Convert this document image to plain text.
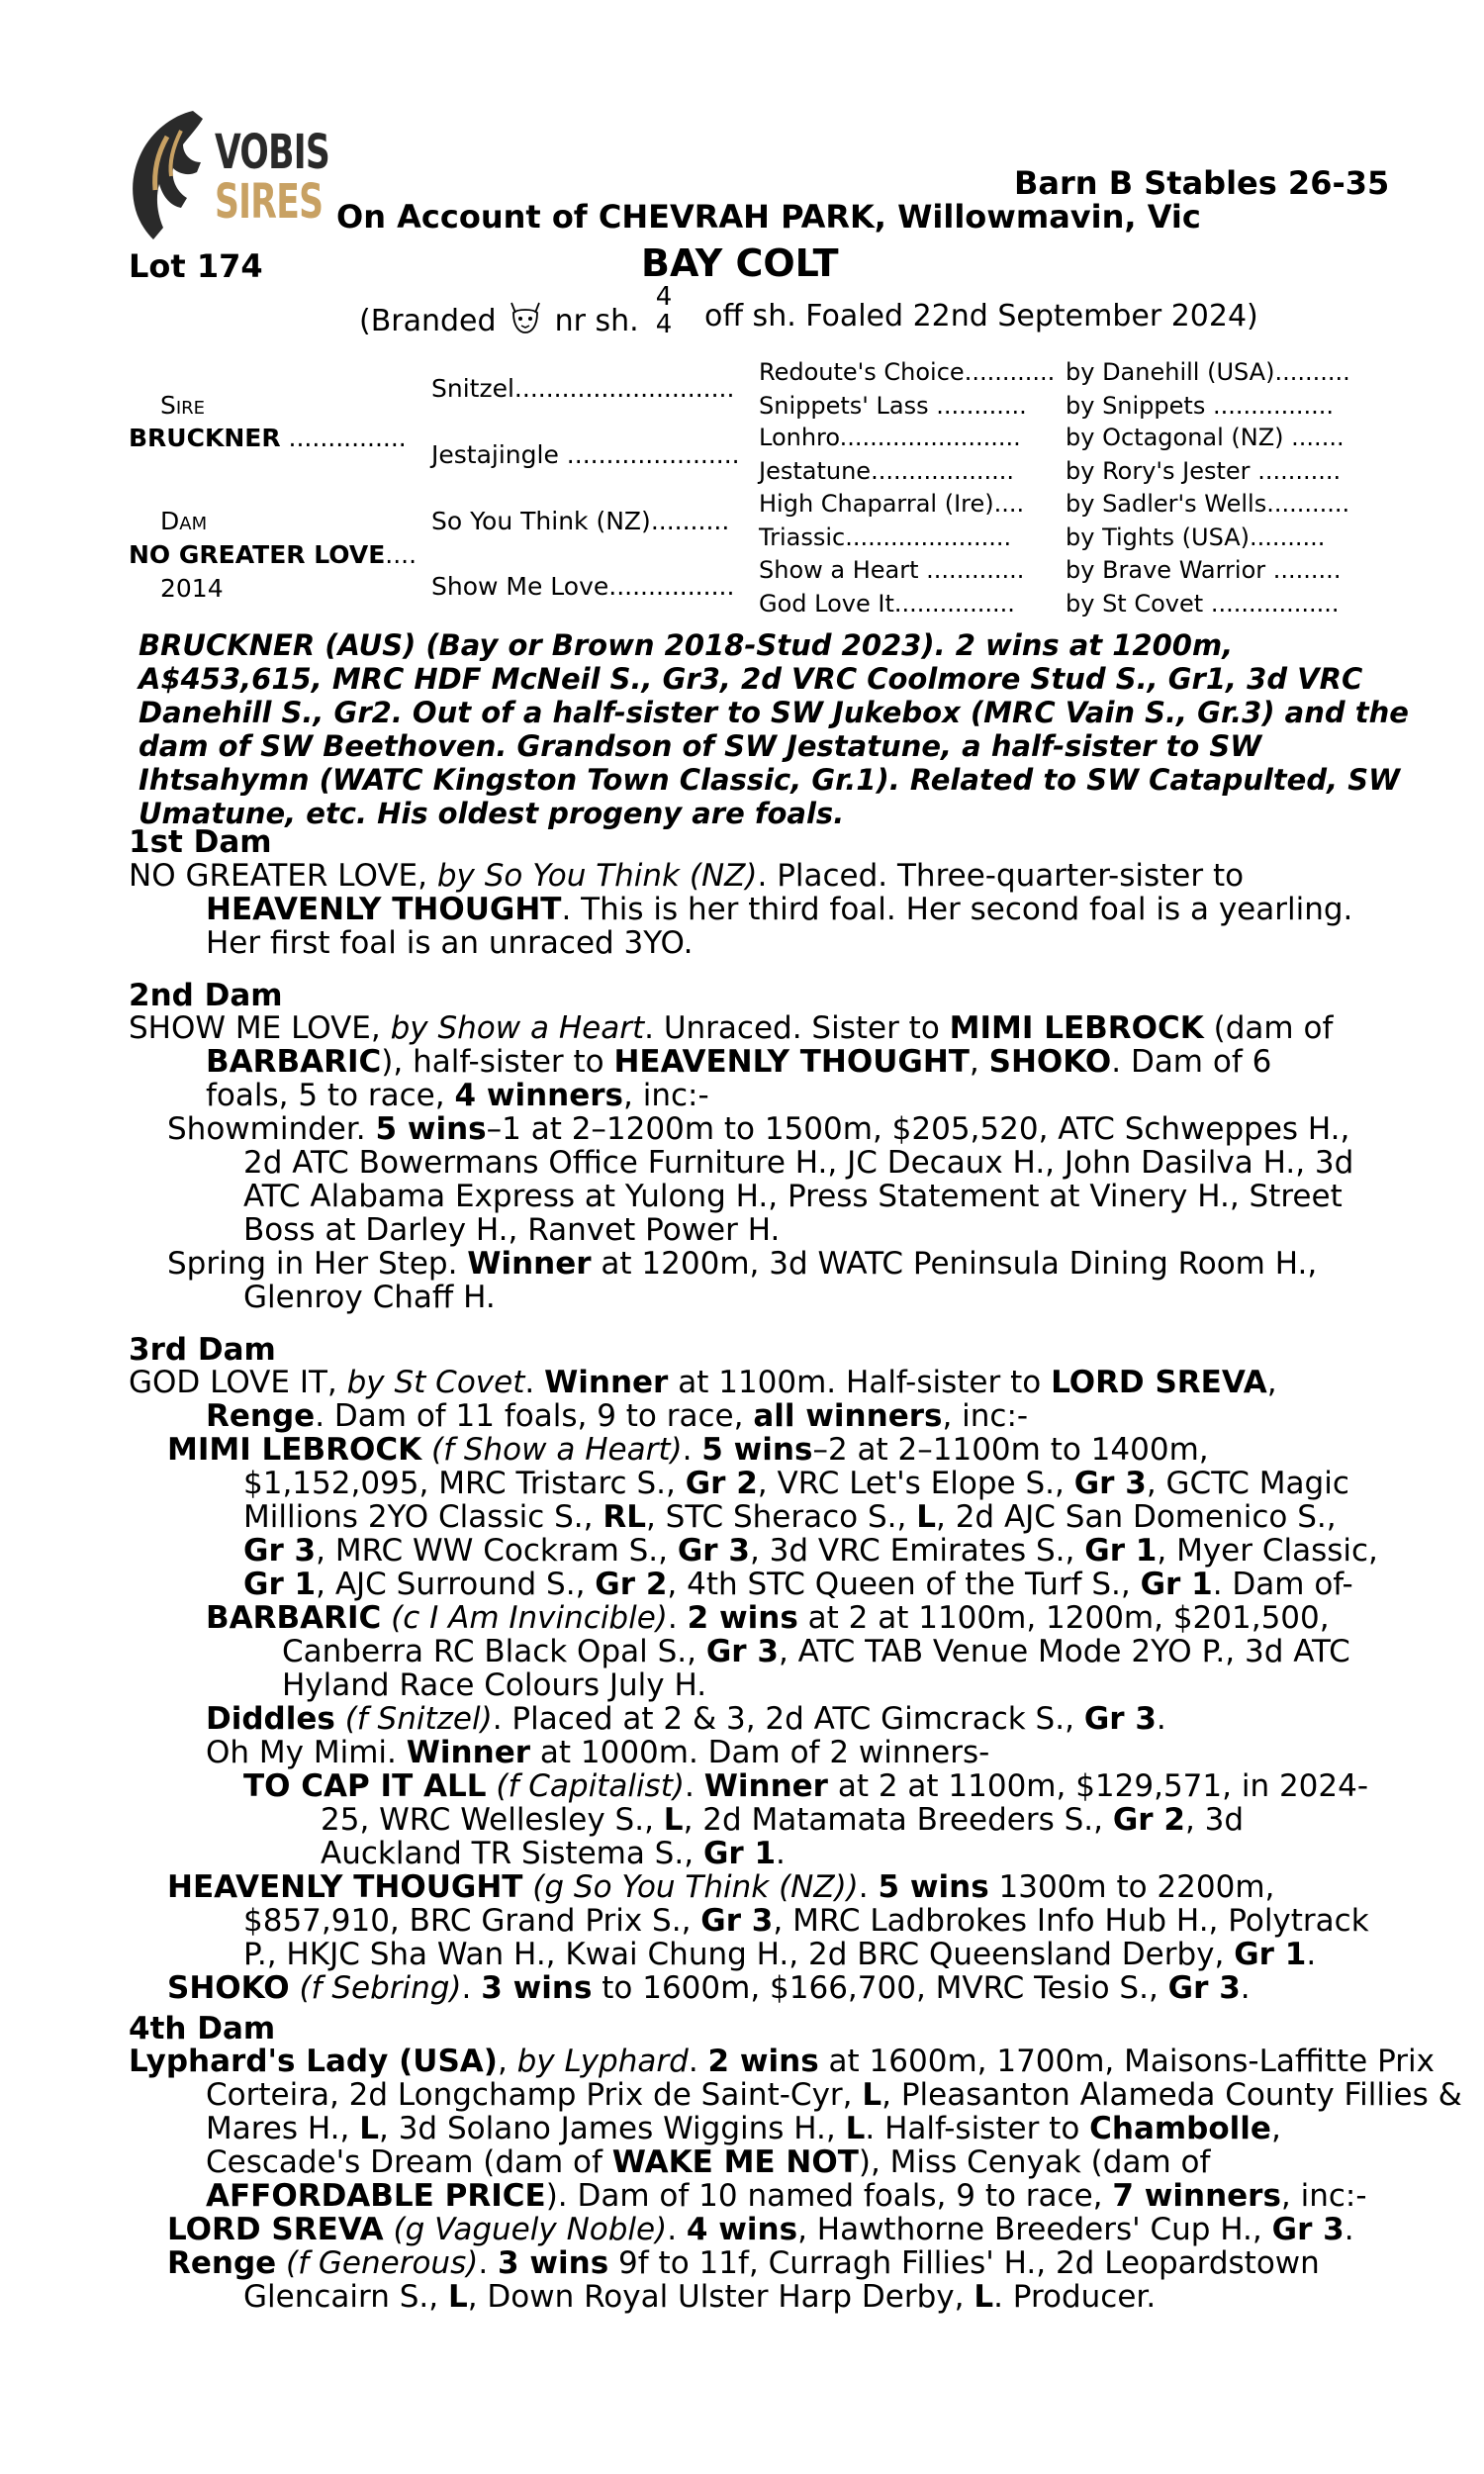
VOBIS
SIRES	Barn B Stables 26-35
On Account of CHEVRAH PARK, Willowmavin, Vic
Lot 174	BAY COLT
(Branded nr sh.
4
4 off sh. Foaled 22nd September 2024)
Sire
BRUCKNER ...............
Dam
NO GREATER LOVE....
2014
Snitzel............................
Jestajingle ......................
So You Think (NZ)..........
Show Me Love................
Redoute's Choice............
Snippets' Lass ............
Lonhro........................
Jestatune...................
High Chaparral (Ire)....
Triassic......................
Show a Heart .............
God Love It................
by Danehill (USA)..........
by Snippets ................
by Octagonal (NZ) .......
by Rory's Jester ...........
by Sadler's Wells...........
by Tights (USA)..........
by Brave Warrior .........
by St Covet .................
BRUCKNER (AUS) (Bay or Brown 2018-Stud 2023). 2 wins at 1200m,
A$453,615, MRC HDF McNeil S., Gr3, 2d VRC Coolmore Stud S., Gr1, 3d VRC
Danehill S., Gr2. Out of a half-sister to SW Jukebox (MRC Vain S., Gr.3) and the
dam of SW Beethoven. Grandson of SW Jestatune, a half-sister to SW
Ihtsahymn (WATC Kingston Town Classic, Gr.1). Related to SW Catapulted, SW
Umatune, etc. His oldest progeny are foals.
1st Dam
NO GREATER LOVE, by So You Think (NZ). Placed. Three-quarter-sister to
HEAVENLY THOUGHT. This is her third foal. Her second foal is a yearling.
Her first foal is an unraced 3YO.
2nd Dam
SHOW ME LOVE, by Show a Heart. Unraced. Sister to MIMI LEBROCK (dam of
BARBARIC), half-sister to HEAVENLY THOUGHT, SHOKO. Dam of 6
foals, 5 to race, 4 winners, inc:-
Showminder. 5 wins–1 at 2–1200m to 1500m, $205,520, ATC Schweppes H.,
2d ATC Bowermans Office Furniture H., JC Decaux H., John Dasilva H., 3d
ATC Alabama Express at Yulong H., Press Statement at Vinery H., Street
Boss at Darley H., Ranvet Power H.
Spring in Her Step. Winner at 1200m, 3d WATC Peninsula Dining Room H.,
Glenroy Chaff H.
3rd Dam
GOD LOVE IT, by St Covet. Winner at 1100m. Half-sister to LORD SREVA,
Renge. Dam of 11 foals, 9 to race, all winners, inc:-
MIMI LEBROCK (f Show a Heart). 5 wins–2 at 2–1100m to 1400m,
$1,152,095, MRC Tristarc S., Gr 2, VRC Let's Elope S., Gr 3, GCTC Magic
Millions 2YO Classic S., RL, STC Sheraco S., L, 2d AJC San Domenico S.,
Gr 3, MRC WW Cockram S., Gr 3, 3d VRC Emirates S., Gr 1, Myer Classic,
Gr 1, AJC Surround S., Gr 2, 4th STC Queen of the Turf S., Gr 1. Dam of-
BARBARIC (c I Am Invincible). 2 wins at 2 at 1100m, 1200m, $201,500,
Canberra RC Black Opal S., Gr 3, ATC TAB Venue Mode 2YO P., 3d ATC
Hyland Race Colours July H.
Diddles (f Snitzel). Placed at 2 & 3, 2d ATC Gimcrack S., Gr 3.
Oh My Mimi. Winner at 1000m. Dam of 2 winners-
TO CAP IT ALL (f Capitalist). Winner at 2 at 1100m, $129,571, in 2024-
25, WRC Wellesley S., L, 2d Matamata Breeders S., Gr 2, 3d
Auckland TR Sistema S., Gr 1.
HEAVENLY THOUGHT (g So You Think (NZ)). 5 wins 1300m to 2200m,
$857,910, BRC Grand Prix S., Gr 3, MRC Ladbrokes Info Hub H., Polytrack
P., HKJC Sha Wan H., Kwai Chung H., 2d BRC Queensland Derby, Gr 1.
SHOKO (f Sebring). 3 wins to 1600m, $166,700, MVRC Tesio S., Gr 3.
4th Dam
Lyphard's Lady (USA), by Lyphard. 2 wins at 1600m, 1700m, Maisons-Laffitte Prix
Corteira, 2d Longchamp Prix de Saint-Cyr, L, Pleasanton Alameda County Fillies &
Mares H., L, 3d Solano James Wiggins H., L. Half-sister to Chambolle,
Cescade's Dream (dam of WAKE ME NOT), Miss Cenyak (dam of
AFFORDABLE PRICE). Dam of 10 named foals, 9 to race, 7 winners, inc:-
LORD SREVA (g Vaguely Noble). 4 wins, Hawthorne Breeders' Cup H., Gr 3.
Renge (f Generous). 3 wins 9f to 11f, Curragh Fillies' H., 2d Leopardstown
Glencairn S., L, Down Royal Ulster Harp Derby, L. Producer.
